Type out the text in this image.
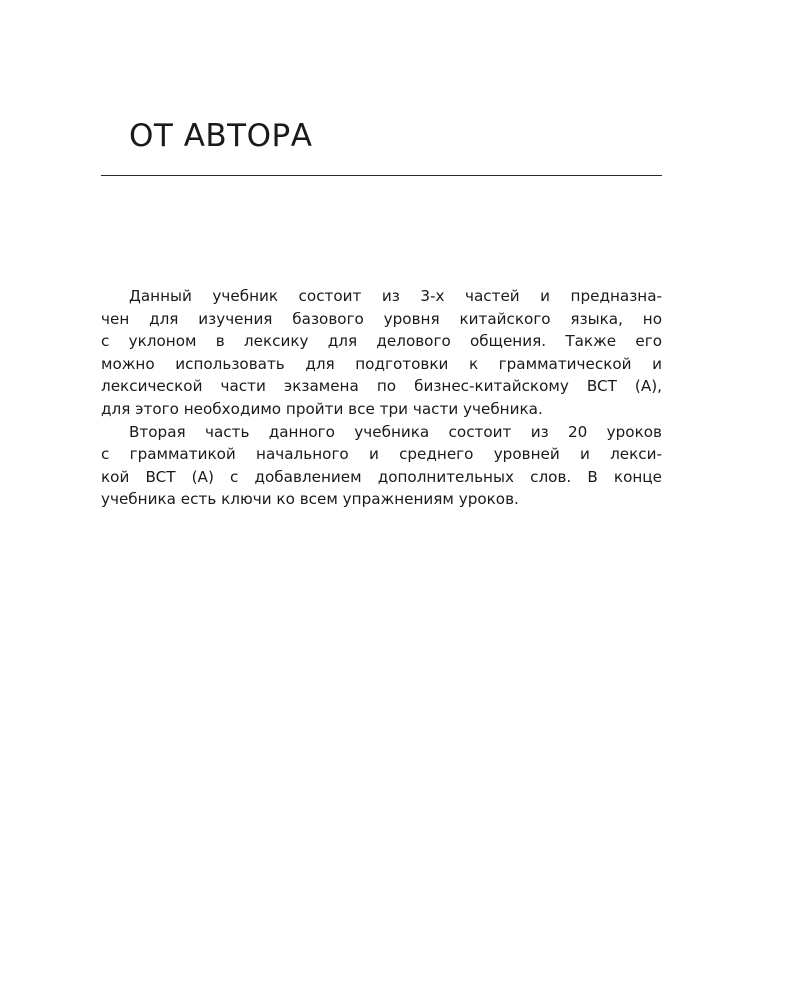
ОТ АВТОРА
Данный учебник состоит из 3-х частей и предназна-
чен для изучения базового уровня китайского языка, но
с уклоном в лексику для делового общения. Также его
можно использовать для подготовки к грамматической и
лексической части экзамена по бизнес-китайскому BCT (A),
для этого необходимо пройти все три части учебника.
Вторая часть данного учебника состоит из 20 уроков
с грамматикой начального и среднего уровней и лекси-
кой BCT (A) с добавлением дополнительных слов. В конце
учебника есть ключи ко всем упражнениям уроков.
